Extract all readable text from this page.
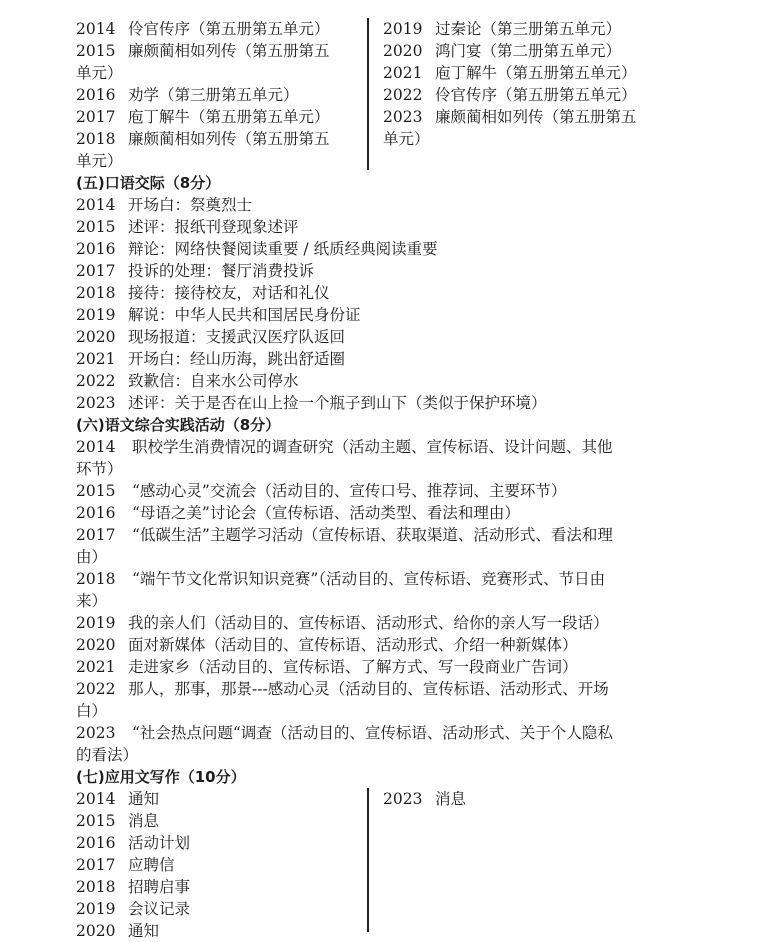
2014 伶官传序（第五册第五单元）
2015 廉颇蔺相如列传（第五册第五
单元）
2016 劝学（第三册第五单元）
2017 庖丁解牛（第五册第五单元）
2018 廉颇蔺相如列传（第五册第五
单元）
2019 过秦论（第三册第五单元）
2020 鸿门宴（第二册第五单元）
2021 庖丁解牛（第五册第五单元）
2022 伶官传序（第五册第五单元）
2023 廉颇蔺相如列传（第五册第五
单元）
(五)口语交际（8分）
2014 开场白：祭奠烈士
2015 述评：报纸刊登现象述评
2016 辩论：网络快餐阅读重要 / 纸质经典阅读重要
2017 投诉的处理：餐厅消费投诉
2018 接待：接待校友，对话和礼仪
2019 解说：中华人民共和国居民身份证
2020 现场报道：支援武汉医疗队返回
2021 开场白：经山历海，跳出舒适圈
2022 致歉信：自来水公司停水
2023 述评：关于是否在山上捡一个瓶子到山下（类似于保护环境）
(六)语文综合实践活动（8分）
2014 职校学生消费情况的调查研究（活动主题、宣传标语、设计问题、其他
环节）
2015 “感动心灵”交流会（活动目的、宣传口号、推荐词、主要环节）
2016 “母语之美”讨论会（宣传标语、活动类型、看法和理由）
2017 “低碳生活”主题学习活动（宣传标语、获取渠道、活动形式、看法和理
由）
2018 “端午节文化常识知识竞赛”（活动目的、宣传标语、竞赛形式、节日由
来）
2019 我的亲人们（活动目的、宣传标语、活动形式、给你的亲人写一段话）
2020 面对新媒体（活动目的、宣传标语、活动形式、介绍一种新媒体）
2021 走进家乡（活动目的、宣传标语、了解方式、写一段商业广告词）
2022 那人，那事，那景---感动心灵（活动目的、宣传标语、活动形式、开场
白）
2023 “社会热点问题“调查（活动目的、宣传标语、活动形式、关于个人隐私
的看法）
(七)应用文写作（10分）
2014 通知
2015 消息
2016 活动计划
2017 应聘信
2018 招聘启事
2019 会议记录
2020 通知
2023 消息
